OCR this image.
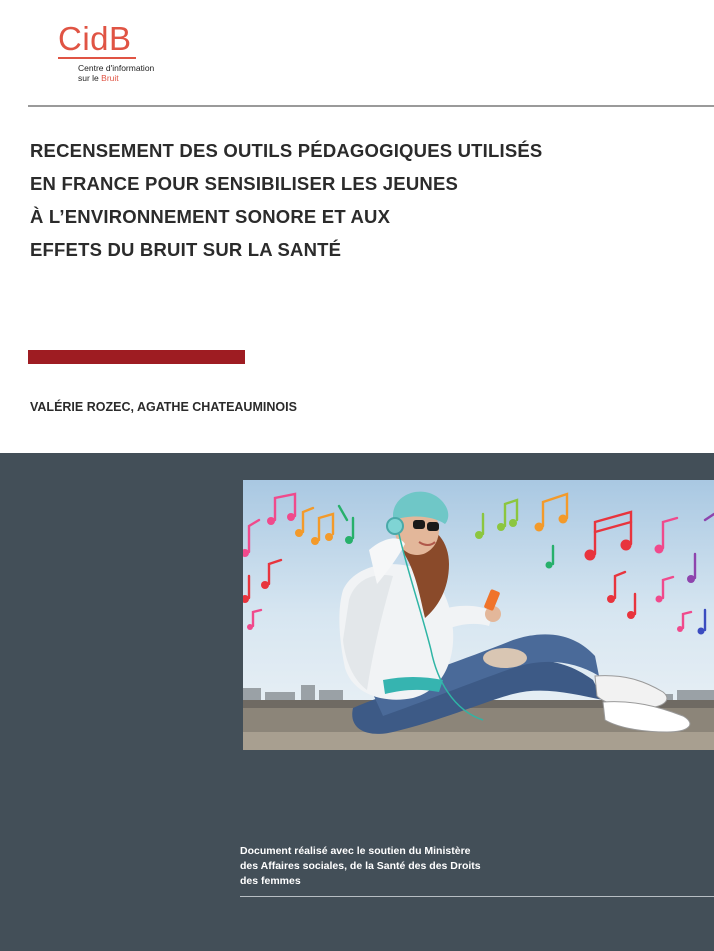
CidB
Centre d'information
sur le Bruit
RECENSEMENT DES OUTILS PÉDAGOGIQUES UTILISÉS
EN FRANCE POUR SENSIBILISER LES JEUNES
À L’ENVIRONNEMENT SONORE ET AUX
EFFETS DU BRUIT SUR LA SANTÉ
VALÉRIE ROZEC, AGATHE CHATEAUMINOIS
Document réalisé avec le soutien du Ministère
des Affaires sociales, de la Santé des des Droits
des femmes
